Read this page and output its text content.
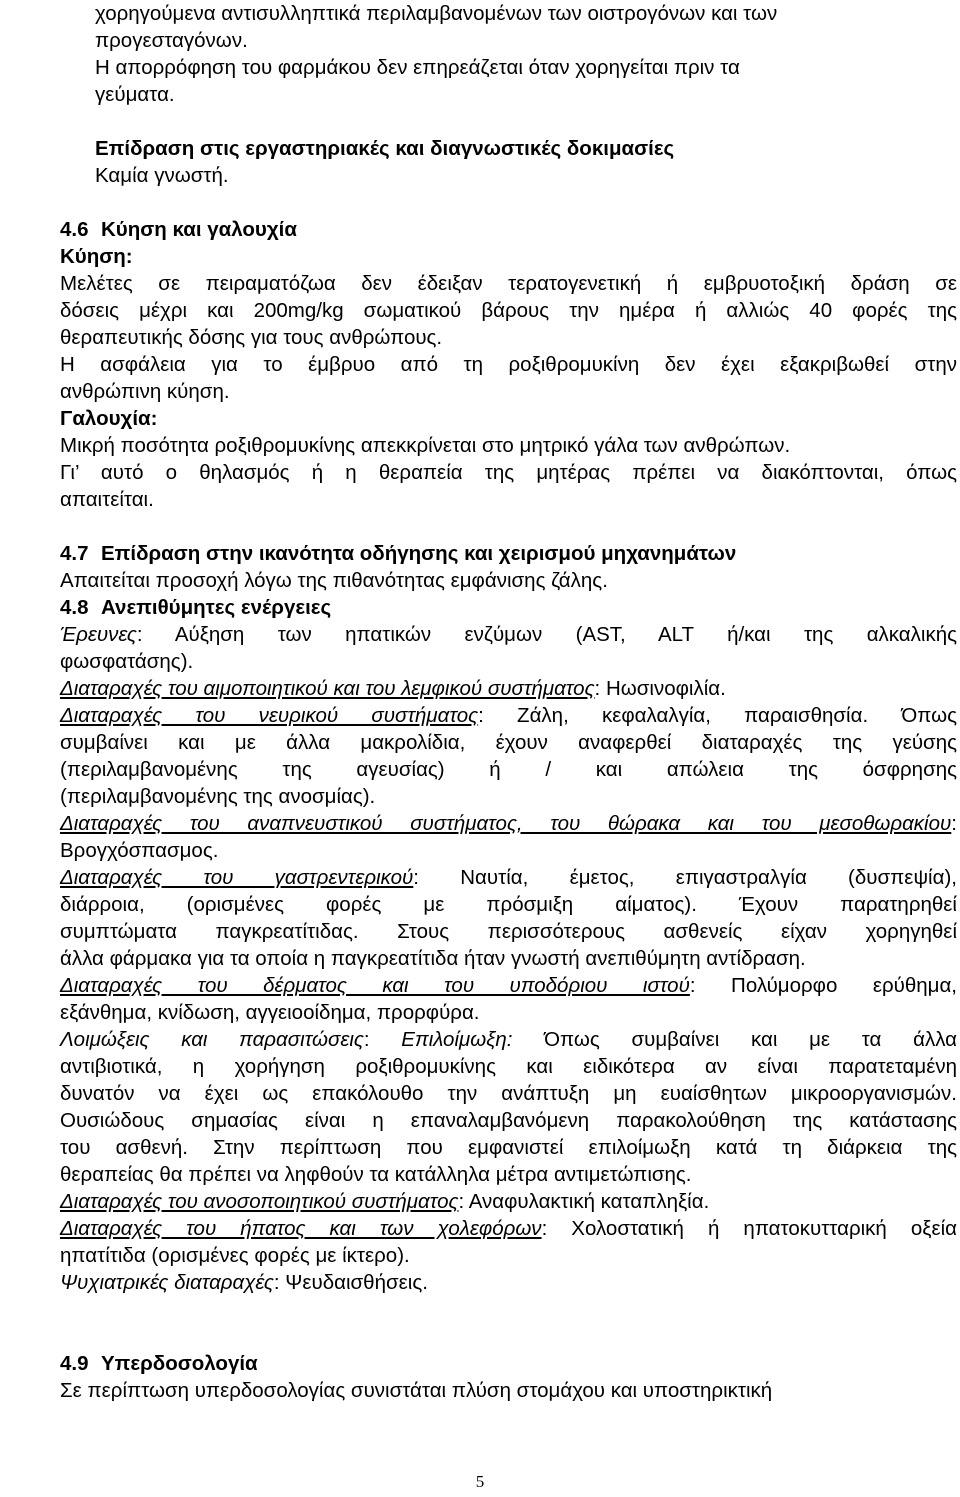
χορηγούμενα αντισυλληπτικά περιλαμβανομένων των οιστρογόνων και των
προγεσταγόνων.
Η απορρόφηση του φαρμάκου δεν επηρεάζεται όταν χορηγείται πριν τα
γεύματα.
Επίδραση στις εργαστηριακές και διαγνωστικές δοκιμασίες
Καμία γνωστή.
4.6 Κύηση και γαλουχία
Κύηση:
Μελέτες σε πειραματόζωα δεν έδειξαν τερατογενετική ή εμβρυοτοξική δράση σε
δόσεις μέχρι και 200mg/kg σωματικού βάρους την ημέρα ή αλλιώς 40 φορές της
θεραπευτικής δόσης για τους ανθρώπους.
Η ασφάλεια για το έμβρυο από τη ροξιθρομυκίνη δεν έχει εξακριβωθεί στην
ανθρώπινη κύηση.
Γαλουχία:
Μικρή ποσότητα ροξιθρομυκίνης απεκκρίνεται στο μητρικό γάλα των ανθρώπων.
Γι’ αυτό ο θηλασμός ή η θεραπεία της μητέρας πρέπει να διακόπτονται, όπως
απαιτείται.
4.7 Επίδραση στην ικανότητα οδήγησης και χειρισμού μηχανημάτων
Απαιτείται προσοχή λόγω της πιθανότητας εμφάνισης ζάλης.
4.8 Ανεπιθύμητες ενέργειες
Έρευνες: Αύξηση των ηπατικών ενζύμων (AST, ALT ή/και της αλκαλικής
φωσφατάσης).
Διαταραχές του αιμοποιητικού και του λεμφικού συστήματος: Ηωσινοφιλία.
Διαταραχές του νευρικού συστήματος: Ζάλη, κεφαλαλγία, παραισθησία. Όπως
συμβαίνει και με άλλα μακρολίδια, έχουν αναφερθεί διαταραχές της γεύσης
(περιλαμβανομένης της αγευσίας) ή / και απώλεια της όσφρησης
(περιλαμβανομένης της ανοσμίας).
Διαταραχές του αναπνευστικού συστήματος, του θώρακα και του μεσοθωρακίου:
Βρογχόσπασμος.
Διαταραχές του γαστρεντερικού: Ναυτία, έμετος, επιγαστραλγία (δυσπεψία),
διάρροια, (ορισμένες φορές με πρόσμιξη αίματος). Έχουν παρατηρηθεί
συμπτώματα παγκρεατίτιδας. Στους περισσότερους ασθενείς είχαν χορηγηθεί
άλλα φάρμακα για τα οποία η παγκρεατίτιδα ήταν γνωστή ανεπιθύμητη αντίδραση.
Διαταραχές του δέρματος και του υποδόριου ιστού: Πολύμορφο ερύθημα,
εξάνθημα, κνίδωση, αγγειοοίδημα, προρφύρα.
Λοιμώξεις και παρασιτώσεις: Επιλοίμωξη: Όπως συμβαίνει και με τα άλλα
αντιβιοτικά, η χορήγηση ροξιθρομυκίνης και ειδικότερα αν είναι παρατεταμένη
δυνατόν να έχει ως επακόλουθο την ανάπτυξη μη ευαίσθητων μικροοργανισμών.
Ουσιώδους σημασίας είναι η επαναλαμβανόμενη παρακολούθηση της κατάστασης
του ασθενή. Στην περίπτωση που εμφανιστεί επιλοίμωξη κατά τη διάρκεια της
θεραπείας θα πρέπει να ληφθούν τα κατάλληλα μέτρα αντιμετώπισης.
Διαταραχές του ανοσοποιητικού συστήματος: Αναφυλακτική καταπληξία.
Διαταραχές του ήπατος και των χολεφόρων: Χολοστατική ή ηπατοκυτταρική οξεία
ηπατίτιδα (ορισμένες φορές με ίκτερο).
Ψυχιατρικές διαταραχές: Ψευδαισθήσεις.
4.9 Υπερδοσολογία
Σε περίπτωση υπερδοσολογίας συνιστάται πλύση στομάχου και υποστηρικτική
5
